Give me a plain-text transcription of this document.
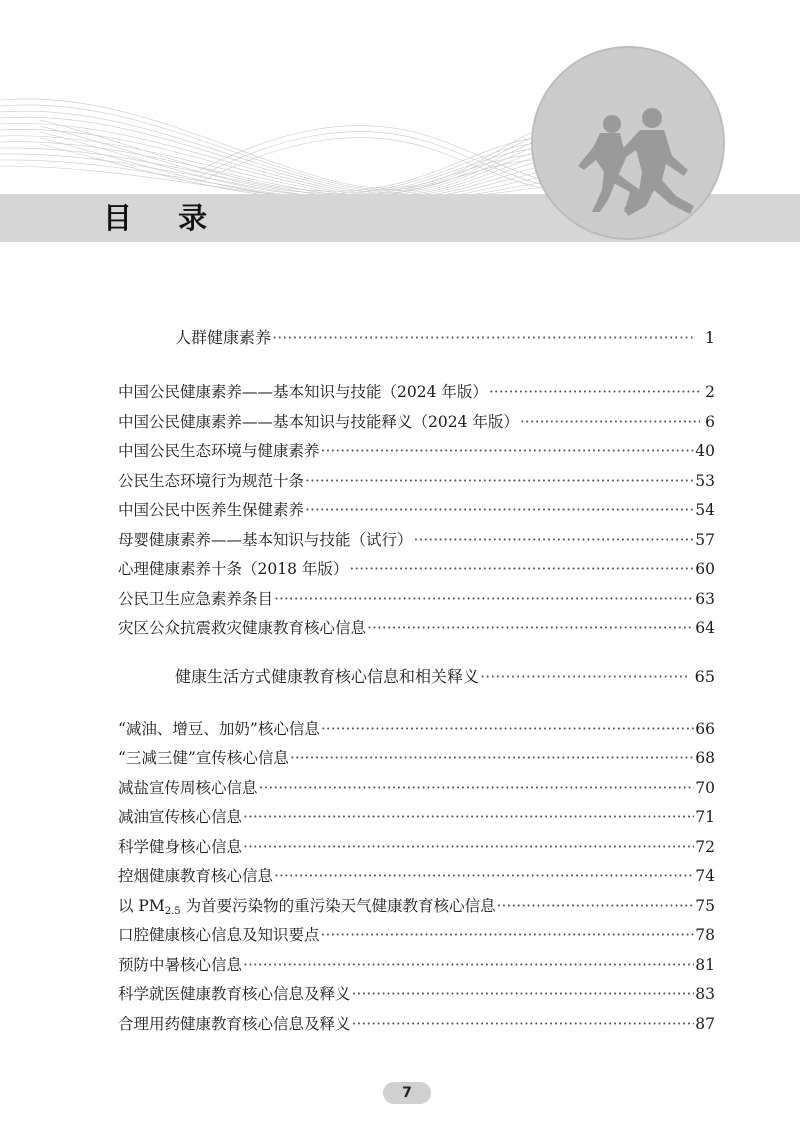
目 录
人群健康素养 ·····	1
中国公民健康素养——基本知识与技能（2024 年版） ·····	2
中国公民健康素养——基本知识与技能释义（2024 年版） ·····	6
中国公民生态环境与健康素养 ·····	40
公民生态环境行为规范十条 ·····	53
中国公民中医养生保健素养 ·····	54
母婴健康素养——基本知识与技能（试行） ·····	57
心理健康素养十条（2018 年版） ·····	60
公民卫生应急素养条目 ·····	63
灾区公众抗震救灾健康教育核心信息 ·····	64
健康生活方式健康教育核心信息和相关释义 ·····	65
“减油、增豆、加奶”核心信息 ·····	66
“三减三健”宣传核心信息 ·····	68
减盐宣传周核心信息 ·····	70
减油宣传核心信息 ·····	71
科学健身核心信息 ·····	72
控烟健康教育核心信息 ·····	74
以 $PM_{2.5}$ 为首要污染物的重污染天气健康教育核心信息 ·····	75
口腔健康核心信息及知识要点 ·····	78
预防中暑核心信息 ·····	81
科学就医健康教育核心信息及释义 ·····	83
合理用药健康教育核心信息及释义 ·····	87
7
